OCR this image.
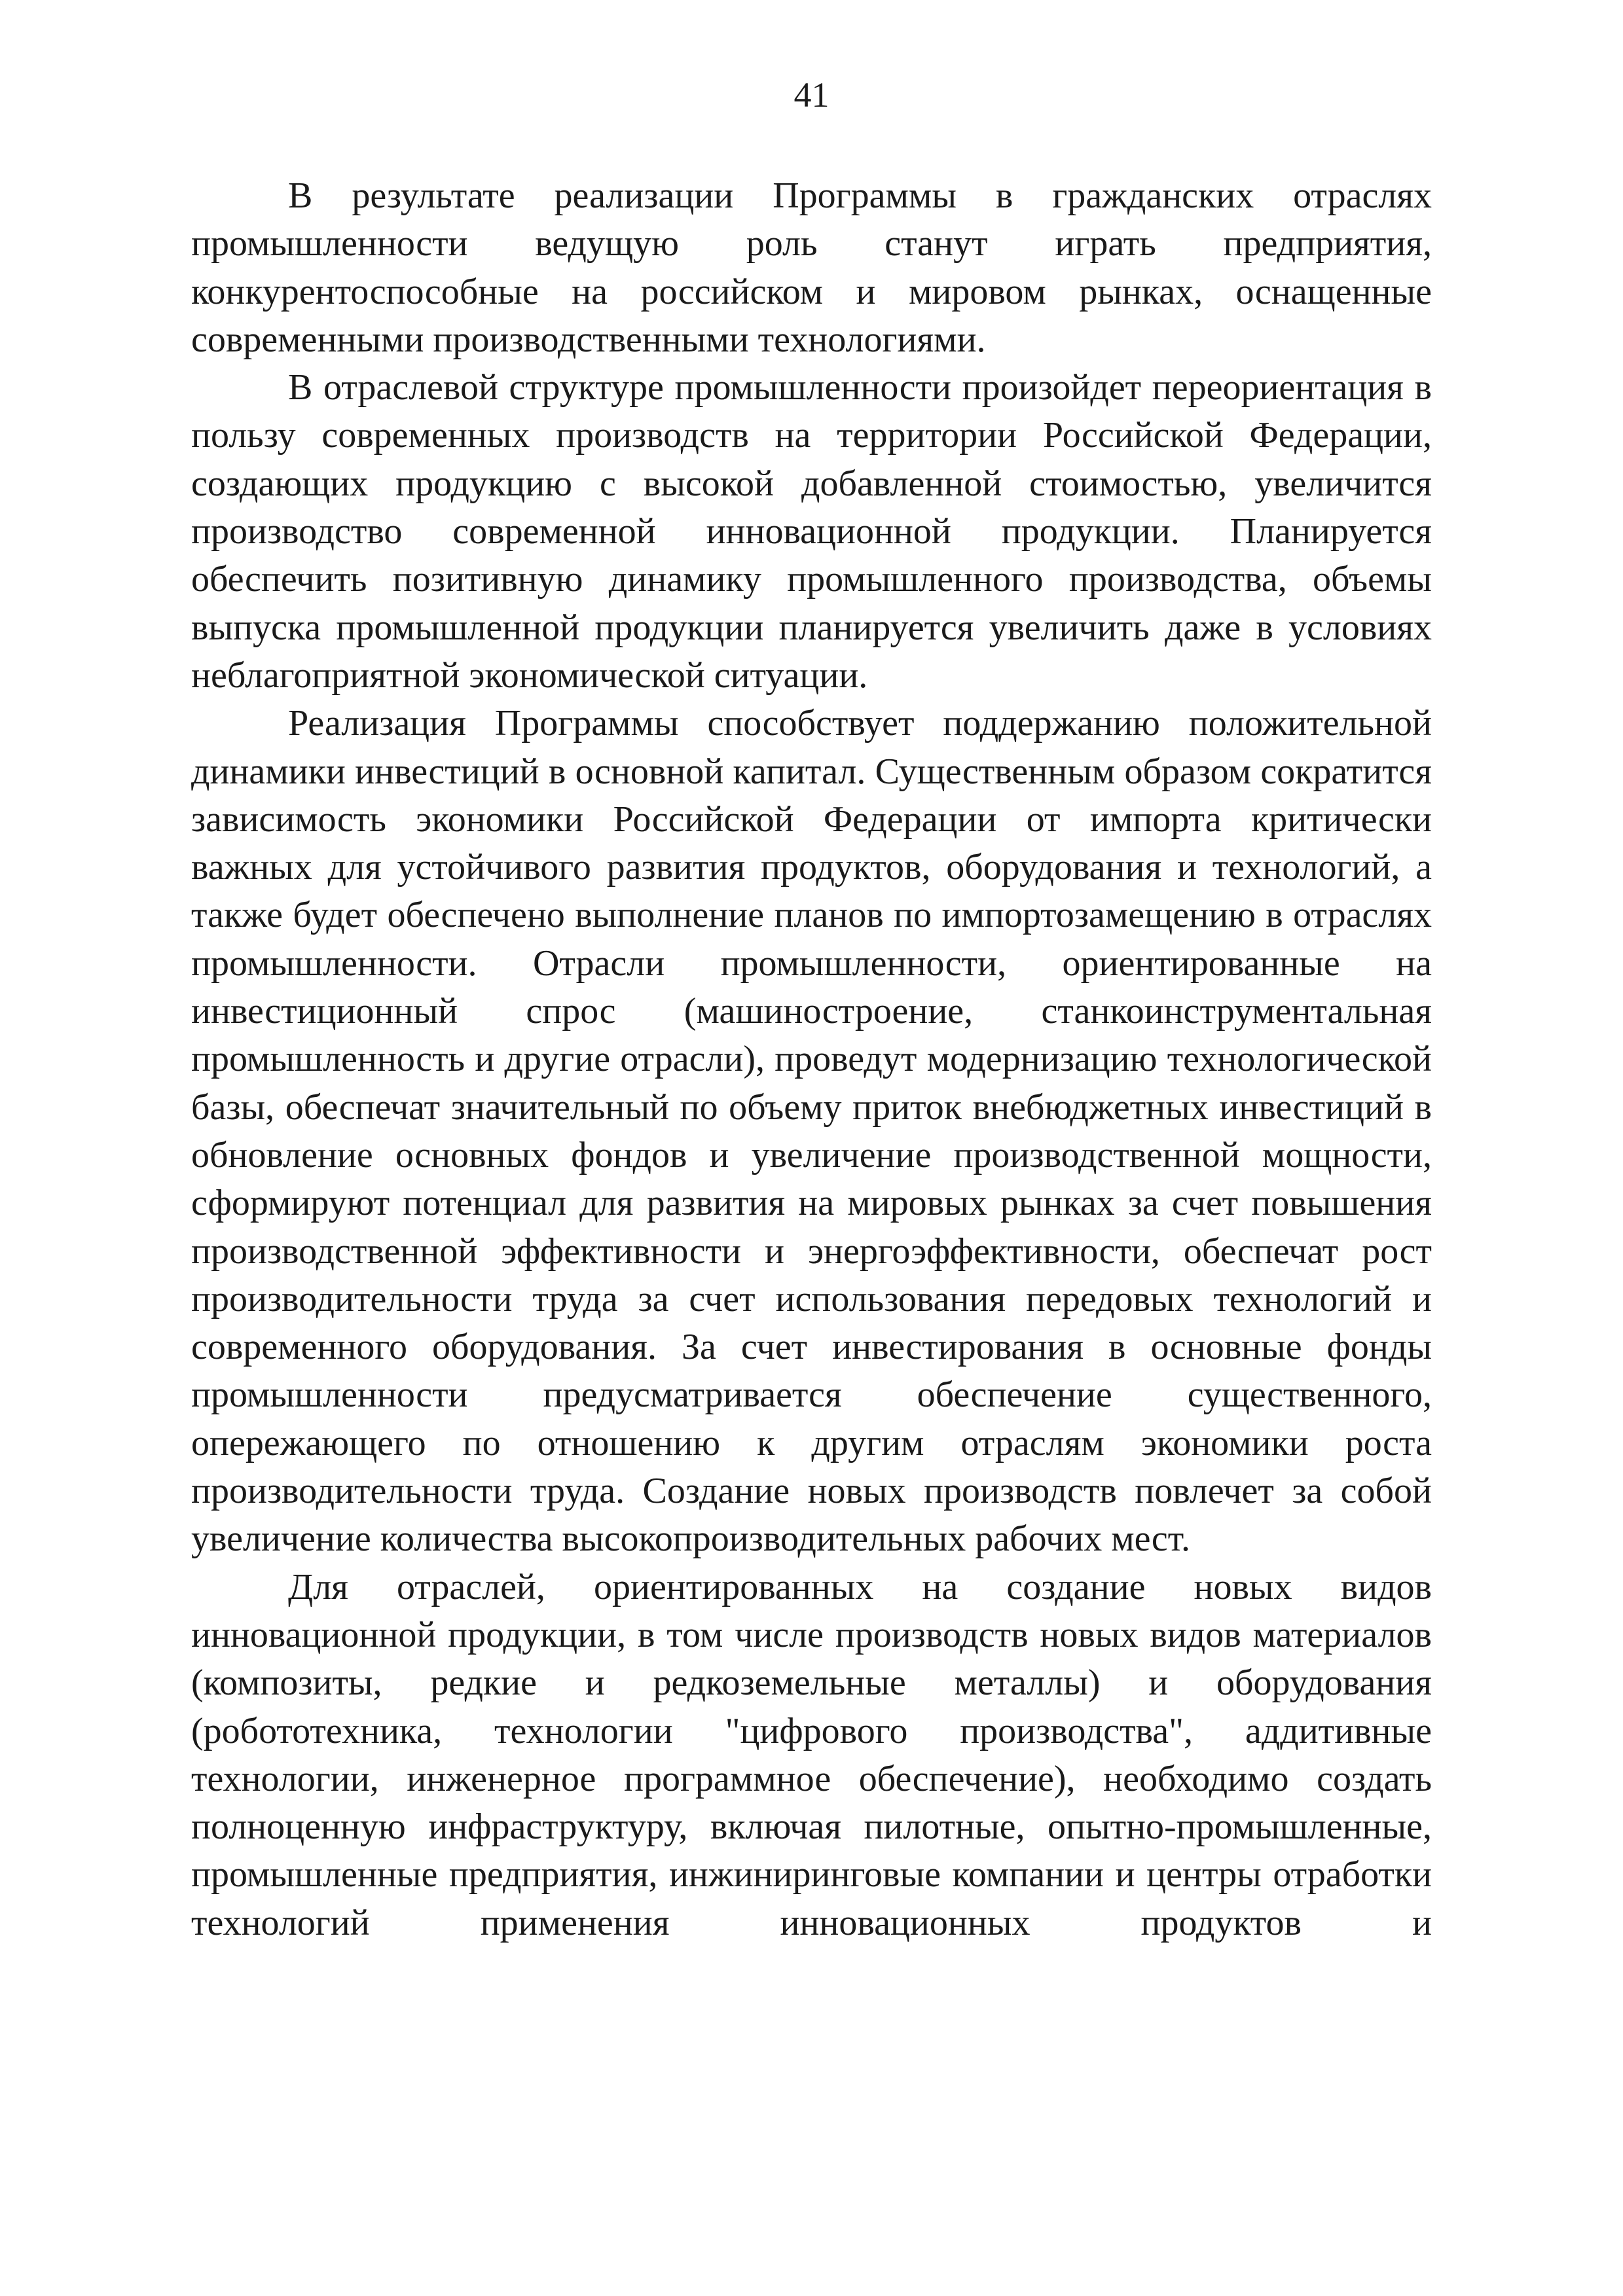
41

В результате реализации Программы в гражданских отраслях промышленности ведущую роль станут играть предприятия, конкурентоспособные на российском и мировом рынках, оснащенные современными производственными технологиями.

В отраслевой структуре промышленности произойдет переориентация в пользу современных производств на территории Российской Федерации, создающих продукцию с высокой добавленной стоимостью, увеличится производство современной инновационной продукции. Планируется обеспечить позитивную динамику промышленного производства, объемы выпуска промышленной продукции планируется увеличить даже в условиях неблагоприятной экономической ситуации.

Реализация Программы способствует поддержанию положительной динамики инвестиций в основной капитал. Существенным образом сократится зависимость экономики Российской Федерации от импорта критически важных для устойчивого развития продуктов, оборудования и технологий, а также будет обеспечено выполнение планов по импортозамещению в отраслях промышленности. Отрасли промышленности, ориентированные на инвестиционный спрос (машиностроение, станкоинструментальная промышленность и другие отрасли), проведут модернизацию технологической базы, обеспечат значительный по объему приток внебюджетных инвестиций в обновление основных фондов и увеличение производственной мощности, сформируют потенциал для развития на мировых рынках за счет повышения производственной эффективности и энергоэффективности, обеспечат рост производительности труда за счет использования передовых технологий и современного оборудования. За счет инвестирования в основные фонды промышленности предусматривается обеспечение существенного, опережающего по отношению к другим отраслям экономики роста производительности труда. Создание новых производств повлечет за собой увеличение количества высокопроизводительных рабочих мест.

Для отраслей, ориентированных на создание новых видов инновационной продукции, в том числе производств новых видов материалов (композиты, редкие и редкоземельные металлы) и оборудования (робототехника, технологии "цифрового производства", аддитивные технологии, инженерное программное обеспечение), необходимо создать полноценную инфраструктуру, включая пилотные, опытно-промышленные, промышленные предприятия, инжиниринговые компании и центры отработки технологий применения инновационных продуктов и
